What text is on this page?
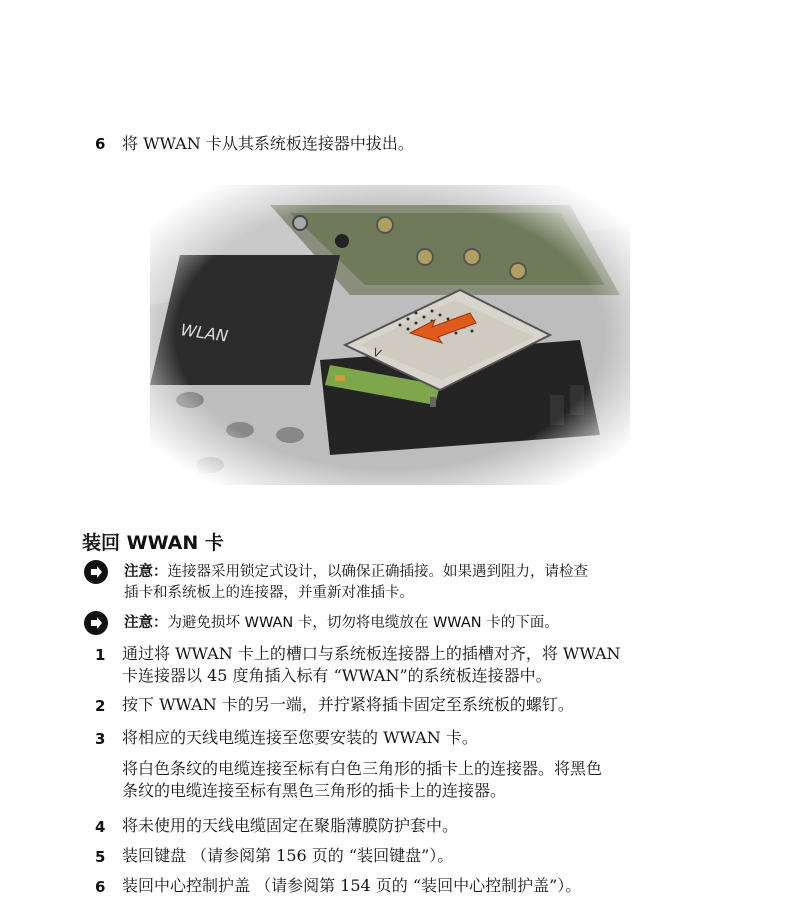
6 将 WWAN 卡从其系统板连接器中拔出。
装回 WWAN 卡
注意：连接器采用锁定式设计，以确保正确插接。如果遇到阻力，请检查
插卡和系统板上的连接器，并重新对准插卡。
注意：为避免损坏 WWAN 卡，切勿将电缆放在 WWAN 卡的下面。
1 通过将 WWAN 卡上的槽口与系统板连接器上的插槽对齐，将 WWAN
卡连接器以 45 度角插入标有 “WWAN”的系统板连接器中。
2 按下 WWAN 卡的另一端，并拧紧将插卡固定至系统板的螺钉。
3 将相应的天线电缆连接至您要安装的 WWAN 卡。
将白色条纹的电缆连接至标有白色三角形的插卡上的连接器。将黑色
条纹的电缆连接至标有黑色三角形的插卡上的连接器。
4 将未使用的天线电缆固定在聚脂薄膜防护套中。
5 装回键盘 （请参阅第 156 页的 “装回键盘”）。
6 装回中心控制护盖 （请参阅第 154 页的 “装回中心控制护盖”）。
